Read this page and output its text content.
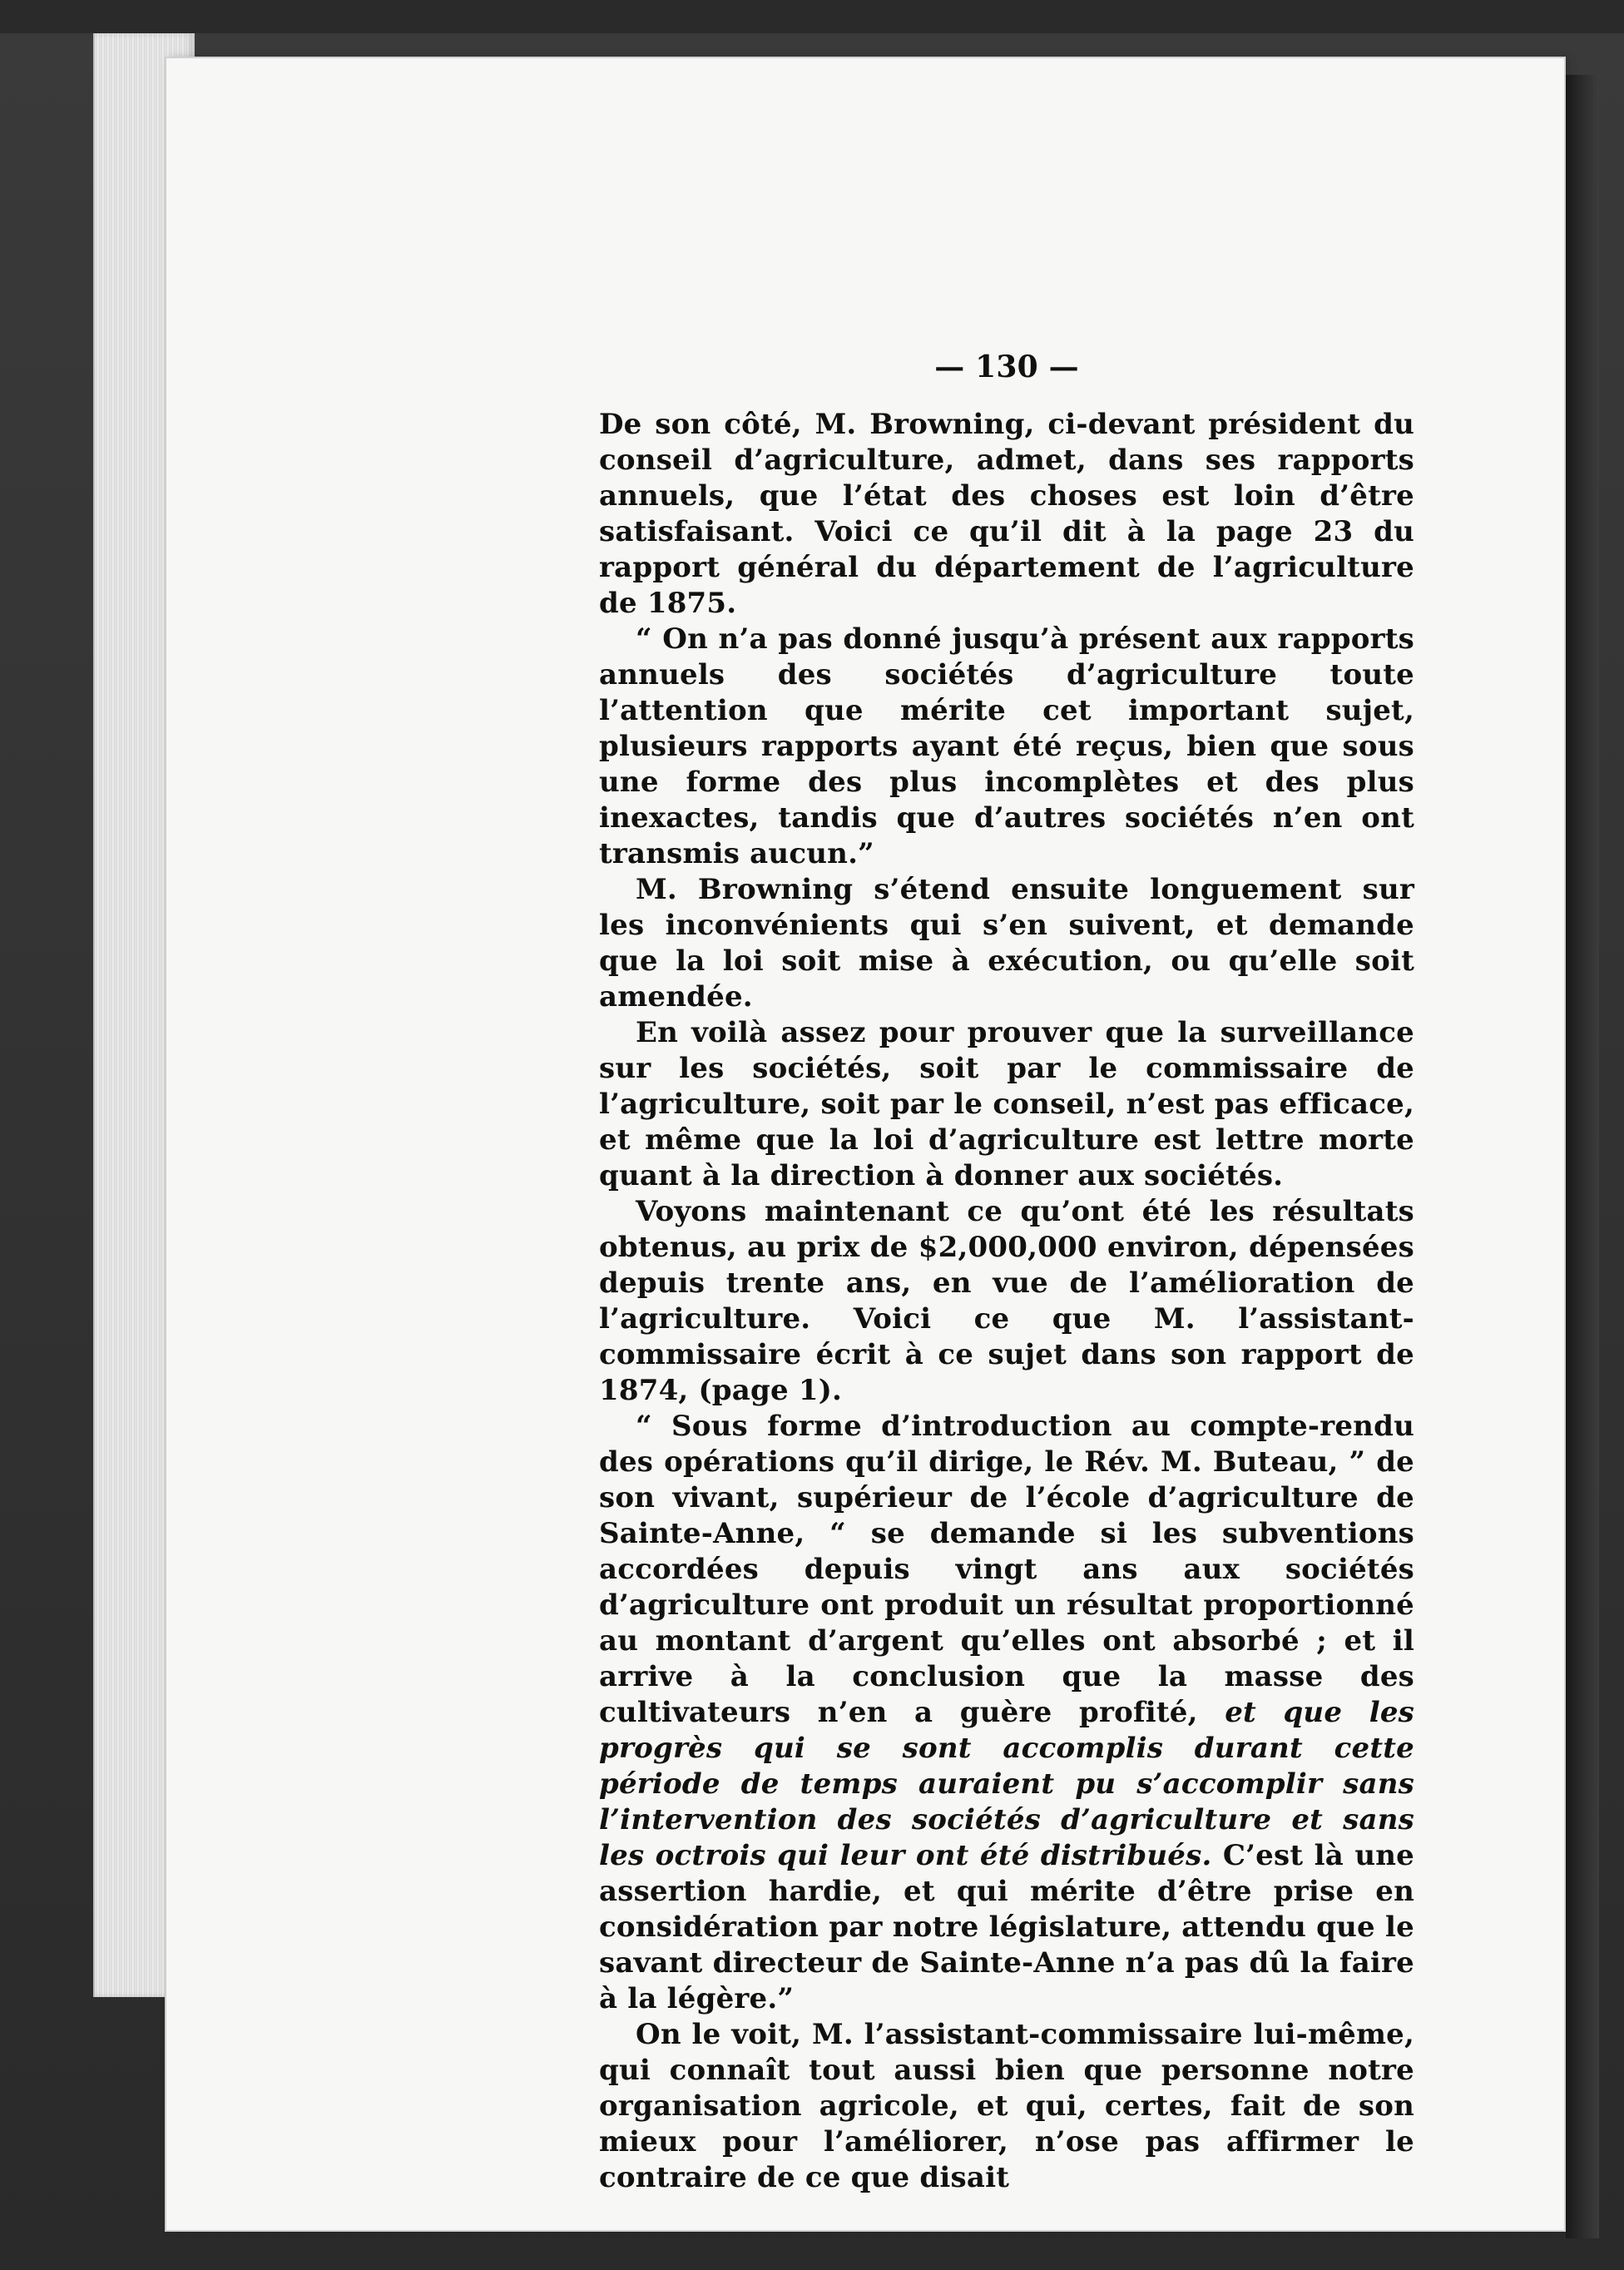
— 130 —

De son côté, M. Browning, ci-devant président du conseil d’agriculture, admet, dans ses rapports annuels, que l’état des choses est loin d’être satisfaisant. Voici ce qu’il dit à la page 23 du rapport général du département de l’agriculture de 1875.

“ On n’a pas donné jusqu’à présent aux rapports annuels des sociétés d’agriculture toute l’attention que mérite cet important sujet, plusieurs rapports ayant été reçus, bien que sous une forme des plus incomplètes et des plus inexactes, tandis que d’autres sociétés n’en ont transmis aucun.”

M. Browning s’étend ensuite longuement sur les inconvénients qui s’en suivent, et demande que la loi soit mise à exécution, ou qu’elle soit amendée.

En voilà assez pour prouver que la surveillance sur les sociétés, soit par le commissaire de l’agriculture, soit par le conseil, n’est pas efficace, et même que la loi d’agriculture est lettre morte quant à la direction à donner aux sociétés.

Voyons maintenant ce qu’ont été les résultats obtenus, au prix de $2,000,000 environ, dépensées depuis trente ans, en vue de l’amélioration de l’agriculture. Voici ce que M. l’assistant-commissaire écrit à ce sujet dans son rapport de 1874, (page 1).

“ Sous forme d’introduction au compte-rendu des opérations qu’il dirige, le Rév. M. Buteau, ” de son vivant, supérieur de l’école d’agriculture de Sainte-Anne, “ se demande si les subventions accordées depuis vingt ans aux sociétés d’agriculture ont produit un résultat proportionné au montant d’argent qu’elles ont absorbé ; et il arrive à la conclusion que la masse des cultivateurs n’en a guère profité, et que les progrès qui se sont accomplis durant cette période de temps auraient pu s’accomplir sans l’intervention des sociétés d’agriculture et sans les octrois qui leur ont été distribués. C’est là une assertion hardie, et qui mérite d’être prise en considération par notre législature, attendu que le savant directeur de Sainte-Anne n’a pas dû la faire à la légère.”

On le voit, M. l’assistant-commissaire lui-même, qui connaît tout aussi bien que personne notre organisation agricole, et qui, certes, fait de son mieux pour l’améliorer, n’ose pas affirmer le contraire de ce que disait
